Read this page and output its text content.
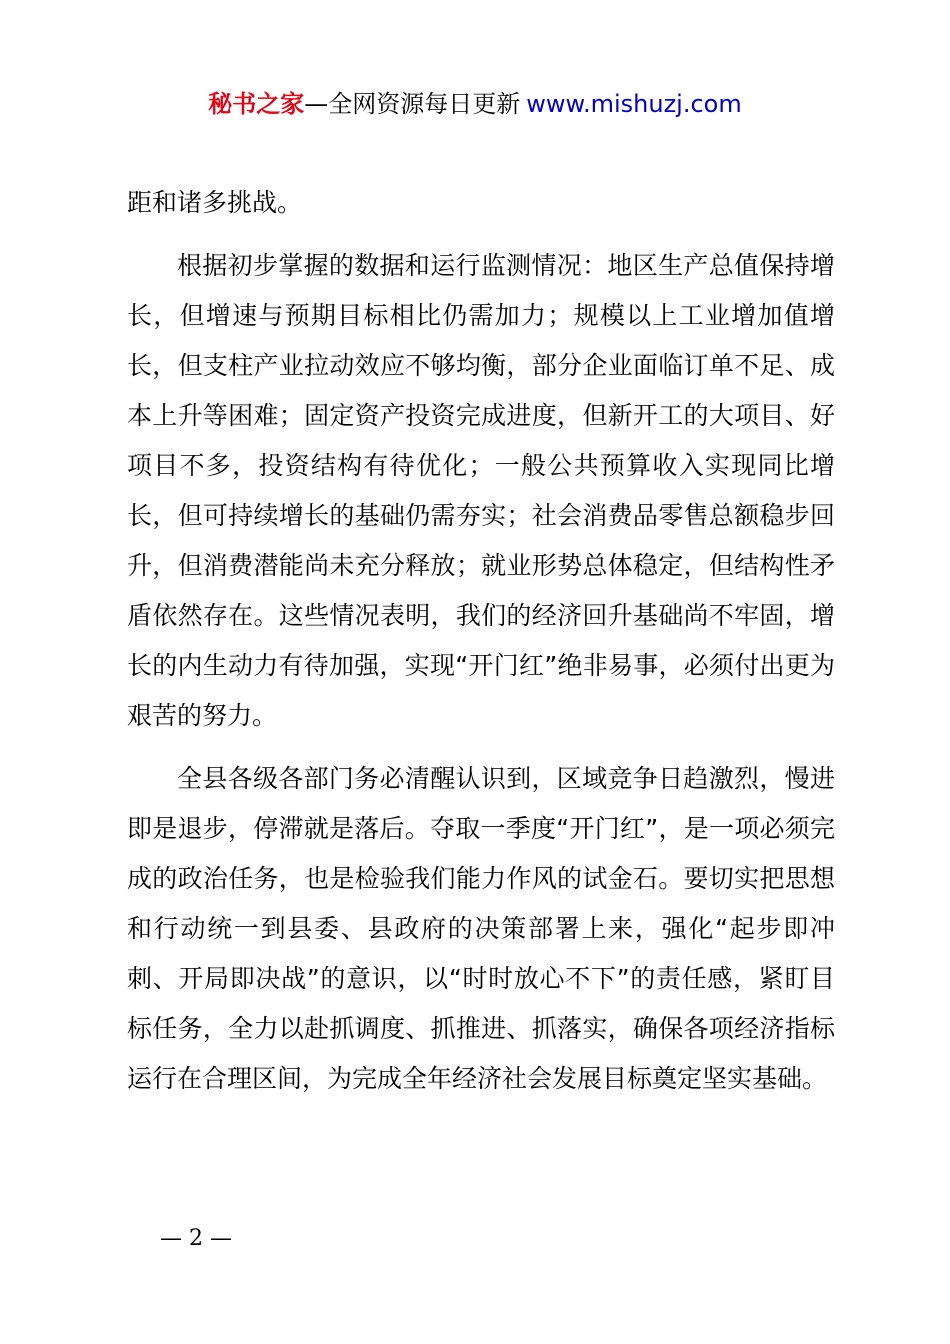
秘书之家—全网资源每日更新 www.mishuzj.com

距和诸多挑战。

根据初步掌握的数据和运行监测情况：地区生产总值保持增长，但增速与预期目标相比仍需加力；规模以上工业增加值增长，但支柱产业拉动效应不够均衡，部分企业面临订单不足、成本上升等困难；固定资产投资完成进度，但新开工的大项目、好项目不多，投资结构有待优化；一般公共预算收入实现同比增长，但可持续增长的基础仍需夯实；社会消费品零售总额稳步回升，但消费潜能尚未充分释放；就业形势总体稳定，但结构性矛盾依然存在。这些情况表明，我们的经济回升基础尚不牢固，增长的内生动力有待加强，实现“开门红”绝非易事，必须付出更为艰苦的努力。

全县各级各部门务必清醒认识到，区域竞争日趋激烈，慢进即是退步，停滞就是落后。夺取一季度“开门红”，是一项必须完成的政治任务，也是检验我们能力作风的试金石。要切实把思想和行动统一到县委、县政府的决策部署上来，强化“起步即冲刺、开局即决战”的意识，以“时时放心不下”的责任感，紧盯目标任务，全力以赴抓调度、抓推进、抓落实，确保各项经济指标运行在合理区间，为完成全年经济社会发展目标奠定坚实基础。

— 2 —
